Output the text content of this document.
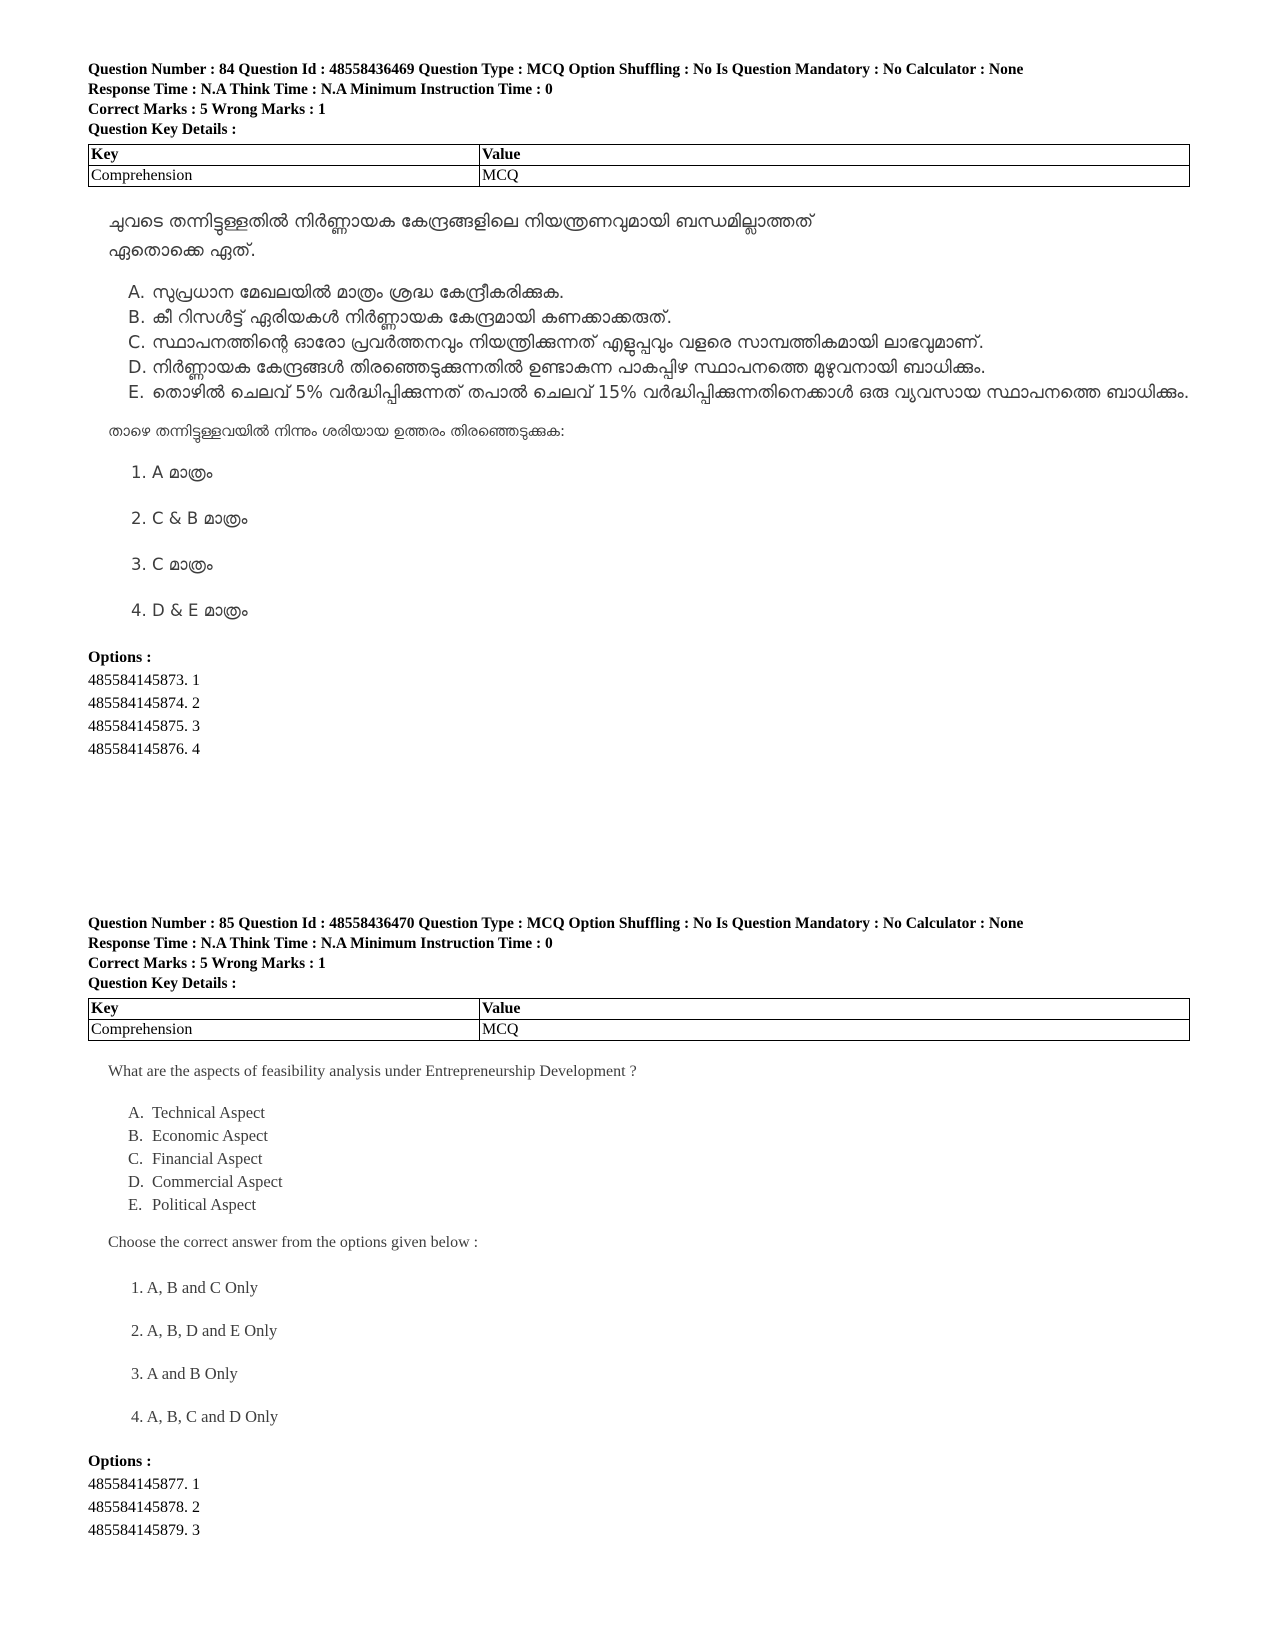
Question Number : 84 Question Id : 48558436469 Question Type : MCQ Option Shuffling : No Is Question Mandatory : No Calculator : None

Response Time : N.A Think Time : N.A Minimum Instruction Time : 0

Correct Marks : 5 Wrong Marks : 1

Question Key Details :

Key	Value
Comprehension	MCQ
ചുവടെ തന്നിട്ടുള്ളതിൽ നിർണ്ണായക കേന്ദ്രങ്ങളിലെ നിയന്ത്രണവുമായി ബന്ധമില്ലാത്തത് ഏതൊക്കെ ഏത്.
A. സുപ്രധാന മേഖലയിൽ മാത്രം ശ്രദ്ധ കേന്ദ്രീകരിക്കുക.
B. കീ റിസൾട്ട് ഏരിയകൾ നിർണ്ണായക കേന്ദ്രമായി കണക്കാക്കരുത്.
C. സ്ഥാപനത്തിന്റെ ഓരോ പ്രവർത്തനവും നിയന്ത്രിക്കുന്നത് എളുപ്പവും വളരെ സാമ്പത്തികമായി ലാഭവുമാണ്.
D. നിർണ്ണായക കേന്ദ്രങ്ങൾ തിരഞ്ഞെടുക്കുന്നതിൽ ഉണ്ടാകുന്ന പാകപ്പിഴ സ്ഥാപനത്തെ മുഴുവനായി ബാധിക്കും.
E. തൊഴിൽ ചെലവ് 5% വർദ്ധിപ്പിക്കുന്നത് തപാൽ ചെലവ് 15% വർദ്ധിപ്പിക്കുന്നതിനെക്കാൾ ഒരു വ്യവസായ സ്ഥാപനത്തെ ബാധിക്കും.
താഴെ തന്നിട്ടുള്ളവയിൽ നിന്നും ശരിയായ ഉത്തരം തിരഞ്ഞെടുക്കുക:
1. A മാത്രം
2. C & B മാത്രം
3. C മാത്രം
4. D & E മാത്രം

Options :

485584145873. 1

485584145874. 2

485584145875. 3

485584145876. 4

Question Number : 85 Question Id : 48558436470 Question Type : MCQ Option Shuffling : No Is Question Mandatory : No Calculator : None

Response Time : N.A Think Time : N.A Minimum Instruction Time : 0

Correct Marks : 5 Wrong Marks : 1

Question Key Details :

Key	Value
Comprehension	MCQ
What are the aspects of feasibility analysis under Entrepreneurship Development ?
A. Technical Aspect
B. Economic Aspect
C. Financial Aspect
D. Commercial Aspect
E. Political Aspect
Choose the correct answer from the options given below :
1. A, B and C Only
2. A, B, D and E Only
3. A and B Only
4. A, B, C and D Only

Options :

485584145877. 1

485584145878. 2

485584145879. 3
